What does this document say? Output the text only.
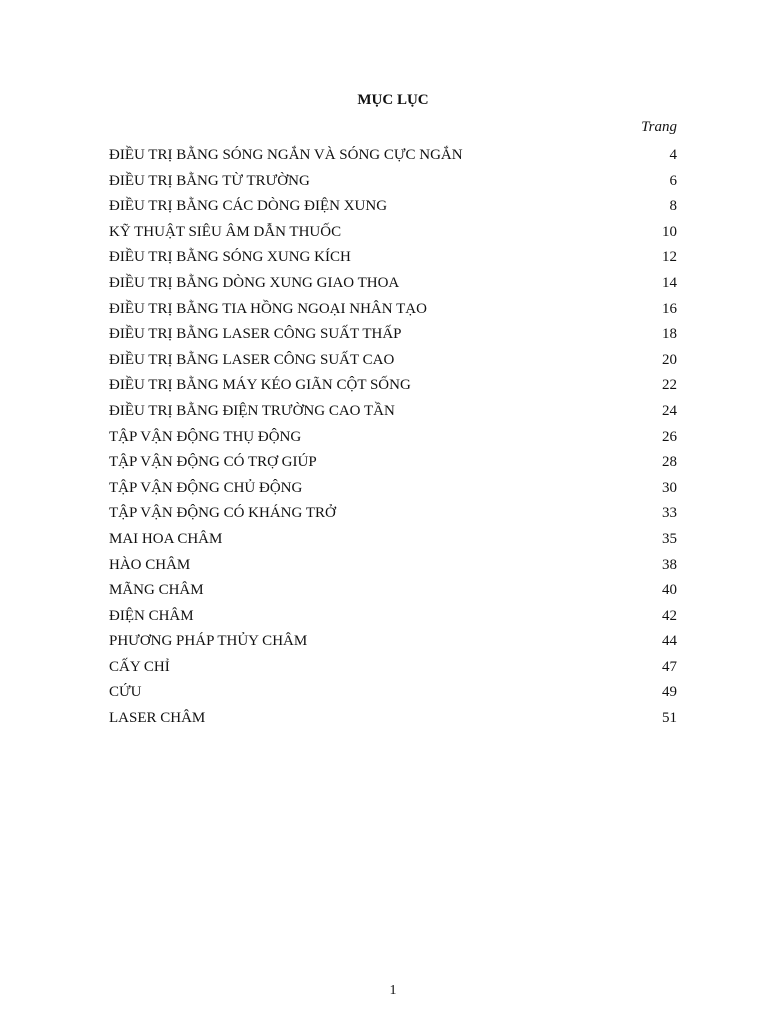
MỤC LỤC
Trang
ĐIỀU TRỊ BẰNG SÓNG NGẮN VÀ SÓNG CỰC NGẮN	4
ĐIỀU TRỊ BẰNG TỪ TRƯỜNG	6
ĐIỀU TRỊ BẰNG CÁC DÒNG ĐIỆN XUNG	8
KỸ THUẬT SIÊU ÂM DẪN THUỐC	10
ĐIỀU TRỊ BẰNG SÓNG XUNG KÍCH	12
ĐIỀU TRỊ BẰNG DÒNG XUNG GIAO THOA	14
ĐIỀU TRỊ BẰNG TIA HỒNG NGOẠI NHÂN TẠO	16
ĐIỀU TRỊ BẰNG LASER CÔNG SUẤT THẤP	18
ĐIỀU TRỊ BẰNG LASER CÔNG SUẤT CAO	20
ĐIỀU TRỊ BẰNG MÁY KÉO GIÃN CỘT SỐNG	22
ĐIỀU TRỊ BẰNG ĐIỆN TRƯỜNG CAO TẦN	24
TẬP VẬN ĐỘNG THỤ ĐỘNG	26
TẬP VẬN ĐỘNG CÓ TRỢ GIÚP	28
TẬP VẬN ĐỘNG CHỦ ĐỘNG	30
TẬP VẬN ĐỘNG CÓ KHÁNG TRỞ	33
MAI HOA CHÂM	35
HÀO CHÂM	38
MÃNG CHÂM	40
ĐIỆN CHÂM	42
PHƯƠNG PHÁP THỦY CHÂM	44
CẤY CHỈ	47
CỨU	49
LASER CHÂM	51
1
